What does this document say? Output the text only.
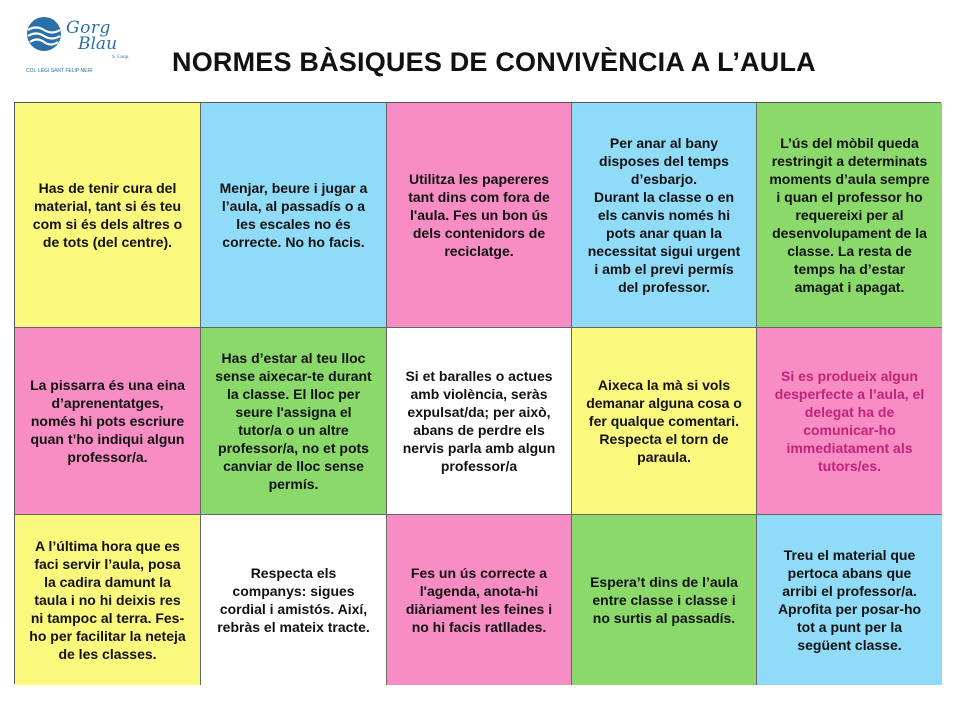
Gorg
Blau
S. Coop.
COL·LEGI SANT FELIP NERI	NORMES BÀSIQUES DE CONVIVÈNCIA A L’AULA
Has de tenir cura del material, tant si és teu com si és dels altres o de tots (del centre).
Menjar, beure i jugar a l’aula, al passadís o a les escales no és correcte. No ho facis.
Utilitza les papereres tant dins com fora de l'aula. Fes un bon ús dels contenidors de reciclatge.
Per anar al bany disposes del temps d’esbarjo.
Durant la classe o en els canvis només hi pots anar quan la necessitat sigui urgent i amb el previ permís del professor.
L’ús del mòbil queda restringit a determinats moments d’aula sempre i quan el professor ho requereixi per al desenvolupament de la classe. La resta de temps ha d’estar amagat i apagat.
La pissarra és una eina d’aprenentatges, només hi pots escriure quan t’ho indiqui algun professor/a.
Has d’estar al teu lloc sense aixecar-te durant la classe. El lloc per seure l'assigna el tutor/a o un altre professor/a, no et pots canviar de lloc sense permís.
Si et baralles o actues amb violència, seràs expulsat/da; per això, abans de perdre els nervis parla amb algun professor/a
Aixeca la mà si vols demanar alguna cosa o fer qualque comentari. Respecta el torn de paraula.
Si es produeix algun desperfecte a l’aula, el delegat ha de comunicar-ho immediatament als tutors/es.
A l’última hora que es faci servir l’aula, posa la cadira damunt la taula i no hi deixis res ni tampoc al terra. Fes-ho per facilitar la neteja de les classes.
Respecta els companys: sigues cordial i amistós. Així, rebràs el mateix tracte.
Fes un ús correcte a l'agenda, anota-hi diàriament les feines i no hi facis ratllades.
Espera’t dins de l’aula entre classe i classe i no surtis al passadís.
Treu el material que pertoca abans que arribi el professor/a. Aprofita per posar-ho tot a punt per la següent classe.
